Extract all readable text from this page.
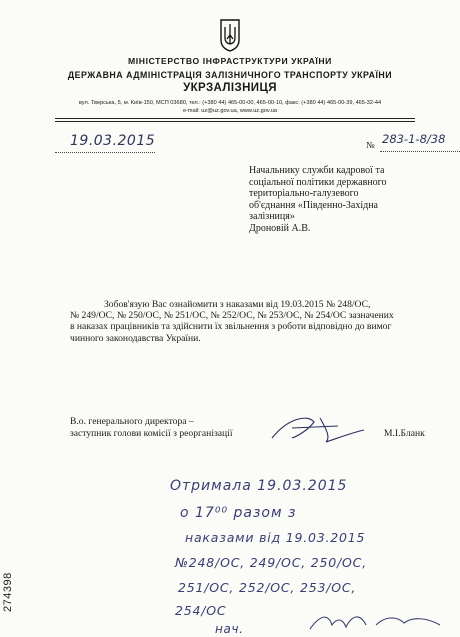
МІНІСТЕРСТВО ІНФРАСТРУКТУРИ УКРАЇНИ
ДЕРЖАВНА АДМІНІСТРАЦІЯ ЗАЛІЗНИЧНОГО ТРАНСПОРТУ УКРАЇНИ
УКРЗАЛІЗНИЦЯ
вул. Тверська, 5, м. Київ-150, МСП 03680, тел.: (+380 44) 465-00-00, 465-00-10, факс: (+380 44) 465-00-39, 465-32-44
e-mail: uz@uz.gov.ua, www.uz.gov.ua
19.03.2015	№ 283-1-8/38
Начальнику служби кадрової та
соціальної політики державного
територіально-галузевого
об'єднання «Південно-Західна
залізниця»
Дроновій А.В.
Зобов'язую Вас ознайомити з наказами від 19.03.2015 № 248/ОС,
№ 249/ОС, № 250/ОС, № 251/ОС, № 252/ОС, № 253/ОС, № 254/ОС зазначених
в наказах працівників та здійснити їх звільнення з роботи відповідно до вимог
чинного законодавства України.
В.о. генерального директора –
заступник голови комісії з реорганізації	М.І.Бланк
Отримала 19.03.2015
о 17⁰⁰ разом з
наказами від 19.03.2015
№248/ОС, 249/ОС, 250/ОС,
251/ОС, 252/ОС, 253/ОС,
254/ОС
нач.
274398
